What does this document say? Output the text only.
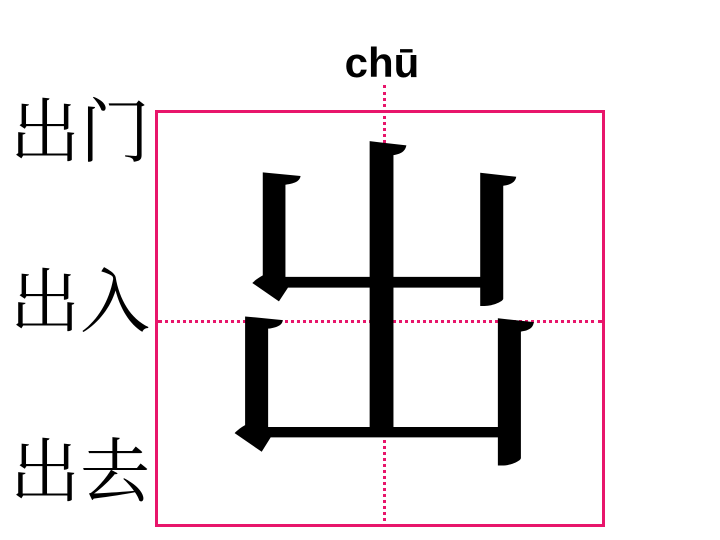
chū
出门
出入
出去 出
